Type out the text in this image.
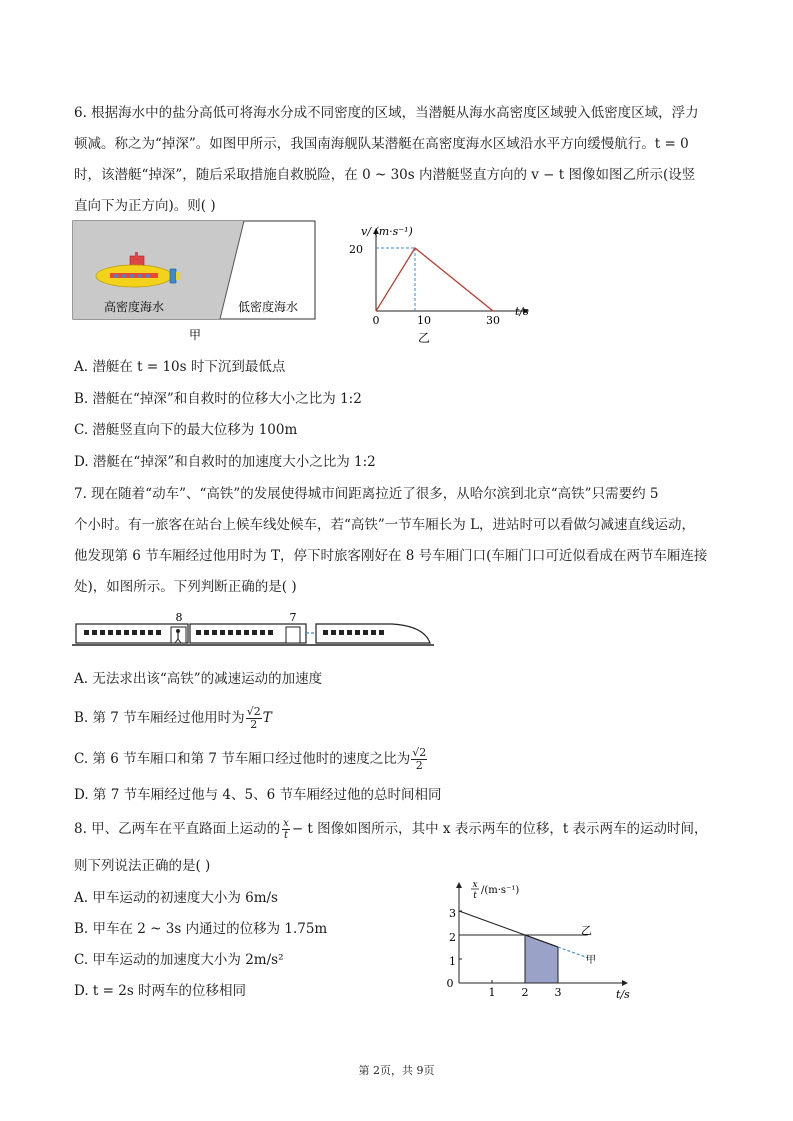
6. 根据海水中的盐分高低可将海水分成不同密度的区域，当潜艇从海水高密度区域驶入低密度区域，浮力
顿减。称之为“掉深”。如图甲所示，我国南海舰队某潜艇在高密度海水区域沿水平方向缓慢航行。t = 0
时，该潜艇“掉深”，随后采取措施自救脱险，在 0 ~ 30s 内潜艇竖直方向的 v − t 图像如图乙所示(设竖
直向下为正方向)。则( )
高密度海水	低密度海水
甲
v/ (m·s⁻¹)
t/s
20
0	10	30
乙
A. 潜艇在 t = 10s 时下沉到最低点
B. 潜艇在“掉深”和自救时的位移大小之比为 1:2
C. 潜艇竖直向下的最大位移为 100m
D. 潜艇在“掉深”和自救时的加速度大小之比为 1:2
7. 现在随着“动车”、“高铁”的发展使得城市间距离拉近了很多，从哈尔滨到北京“高铁”只需要约 5
个小时。有一旅客在站台上候车线处候车，若“高铁”一节车厢长为 L，进站时可以看做匀减速直线运动，
他发现第 6 节车厢经过他用时为 T，停下时旅客刚好在 8 号车厢门口(车厢门口可近似看成在两节车厢连接
处)，如图所示。下列判断正确的是( )
8	7
A. 无法求出该“高铁”的减速运动的加速度
B. 第 7 节车厢经过他用时为 $\frac{√2}{2}$ T
C. 第 6 节车厢口和第 7 节车厢口经过他时的速度之比为 $\frac{√2}{2}$
D. 第 7 节车厢经过他与 4、5、6 节车厢经过他的总时间相同
8. 甲、乙两车在平直路面上运动的 $\frac{x}{t} - t$ 图像如图所示，其中 x 表示两车的位移，t 表示两车的运动时间，
则下列说法正确的是( )
A. 甲车运动的初速度大小为 6m/s
B. 甲车在 2 ~ 3s 内通过的位移为 1.75m
C. 甲车运动的加速度大小为 2m/s²
D. t = 2s 时两车的位移相同
x
t /(m·s⁻¹)
t/s
0
1
2
3
1 2 3
乙
甲
第 2页，共 9页
